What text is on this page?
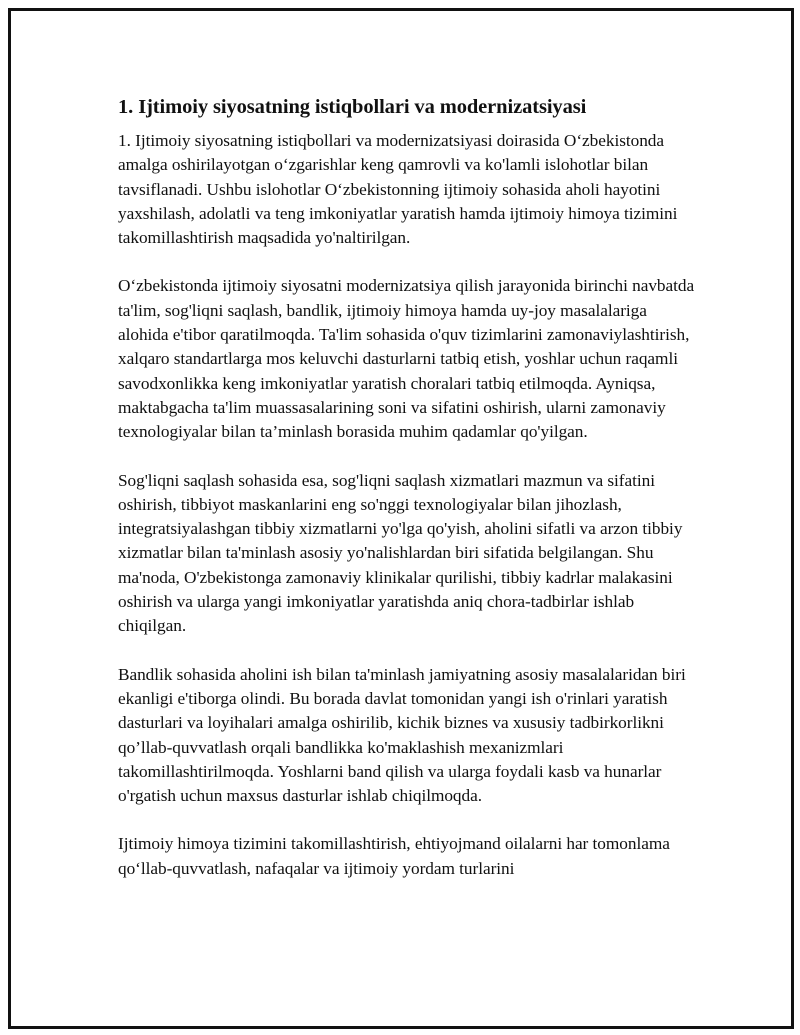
1. Ijtimoiy siyosatning istiqbollari va modernizatsiyasi

1. Ijtimoiy siyosatning istiqbollari va modernizatsiyasi doirasida O‘zbekistonda amalga oshirilayotgan o‘zgarishlar keng qamrovli va ko'lamli islohotlar bilan tavsiflanadi. Ushbu islohotlar O‘zbekistonning ijtimoiy sohasida aholi hayotini yaxshilash, adolatli va teng imkoniyatlar yaratish hamda ijtimoiy himoya tizimini takomillashtirish maqsadida yo'naltirilgan.

O‘zbekistonda ijtimoiy siyosatni modernizatsiya qilish jarayonida birinchi navbatda ta'lim, sog'liqni saqlash, bandlik, ijtimoiy himoya hamda uy-joy masalalariga alohida e'tibor qaratilmoqda. Ta'lim sohasida o'quv tizimlarini zamonaviylashtirish, xalqaro standartlarga mos keluvchi dasturlarni tatbiq etish, yoshlar uchun raqamli savodxonlikka keng imkoniyatlar yaratish choralari tatbiq etilmoqda. Ayniqsa, maktabgacha ta'lim muassasalarining soni va sifatini oshirish, ularni zamonaviy texnologiyalar bilan ta’minlash borasida muhim qadamlar qo'yilgan.

Sog'liqni saqlash sohasida esa, sog'liqni saqlash xizmatlari mazmun va sifatini oshirish, tibbiyot maskanlarini eng so'nggi texnologiyalar bilan jihozlash, integratsiyalashgan tibbiy xizmatlarni yo'lga qo'yish, aholini sifatli va arzon tibbiy xizmatlar bilan ta'minlash asosiy yo'nalishlardan biri sifatida belgilangan. Shu ma'noda, O'zbekistonga zamonaviy klinikalar qurilishi, tibbiy kadrlar malakasini oshirish va ularga yangi imkoniyatlar yaratishda aniq chora-tadbirlar ishlab chiqilgan.

Bandlik sohasida aholini ish bilan ta'minlash jamiyatning asosiy masalalaridan biri ekanligi e'tiborga olindi. Bu borada davlat tomonidan yangi ish o'rinlari yaratish dasturlari va loyihalari amalga oshirilib, kichik biznes va xususiy tadbirkorlikni qo’llab-quvvatlash orqali bandlikka ko'maklashish mexanizmlari takomillashtirilmoqda. Yoshlarni band qilish va ularga foydali kasb va hunarlar o'rgatish uchun maxsus dasturlar ishlab chiqilmoqda.

Ijtimoiy himoya tizimini takomillashtirish, ehtiyojmand oilalarni har tomonlama qo‘llab-quvvatlash, nafaqalar va ijtimoiy yordam turlarini
